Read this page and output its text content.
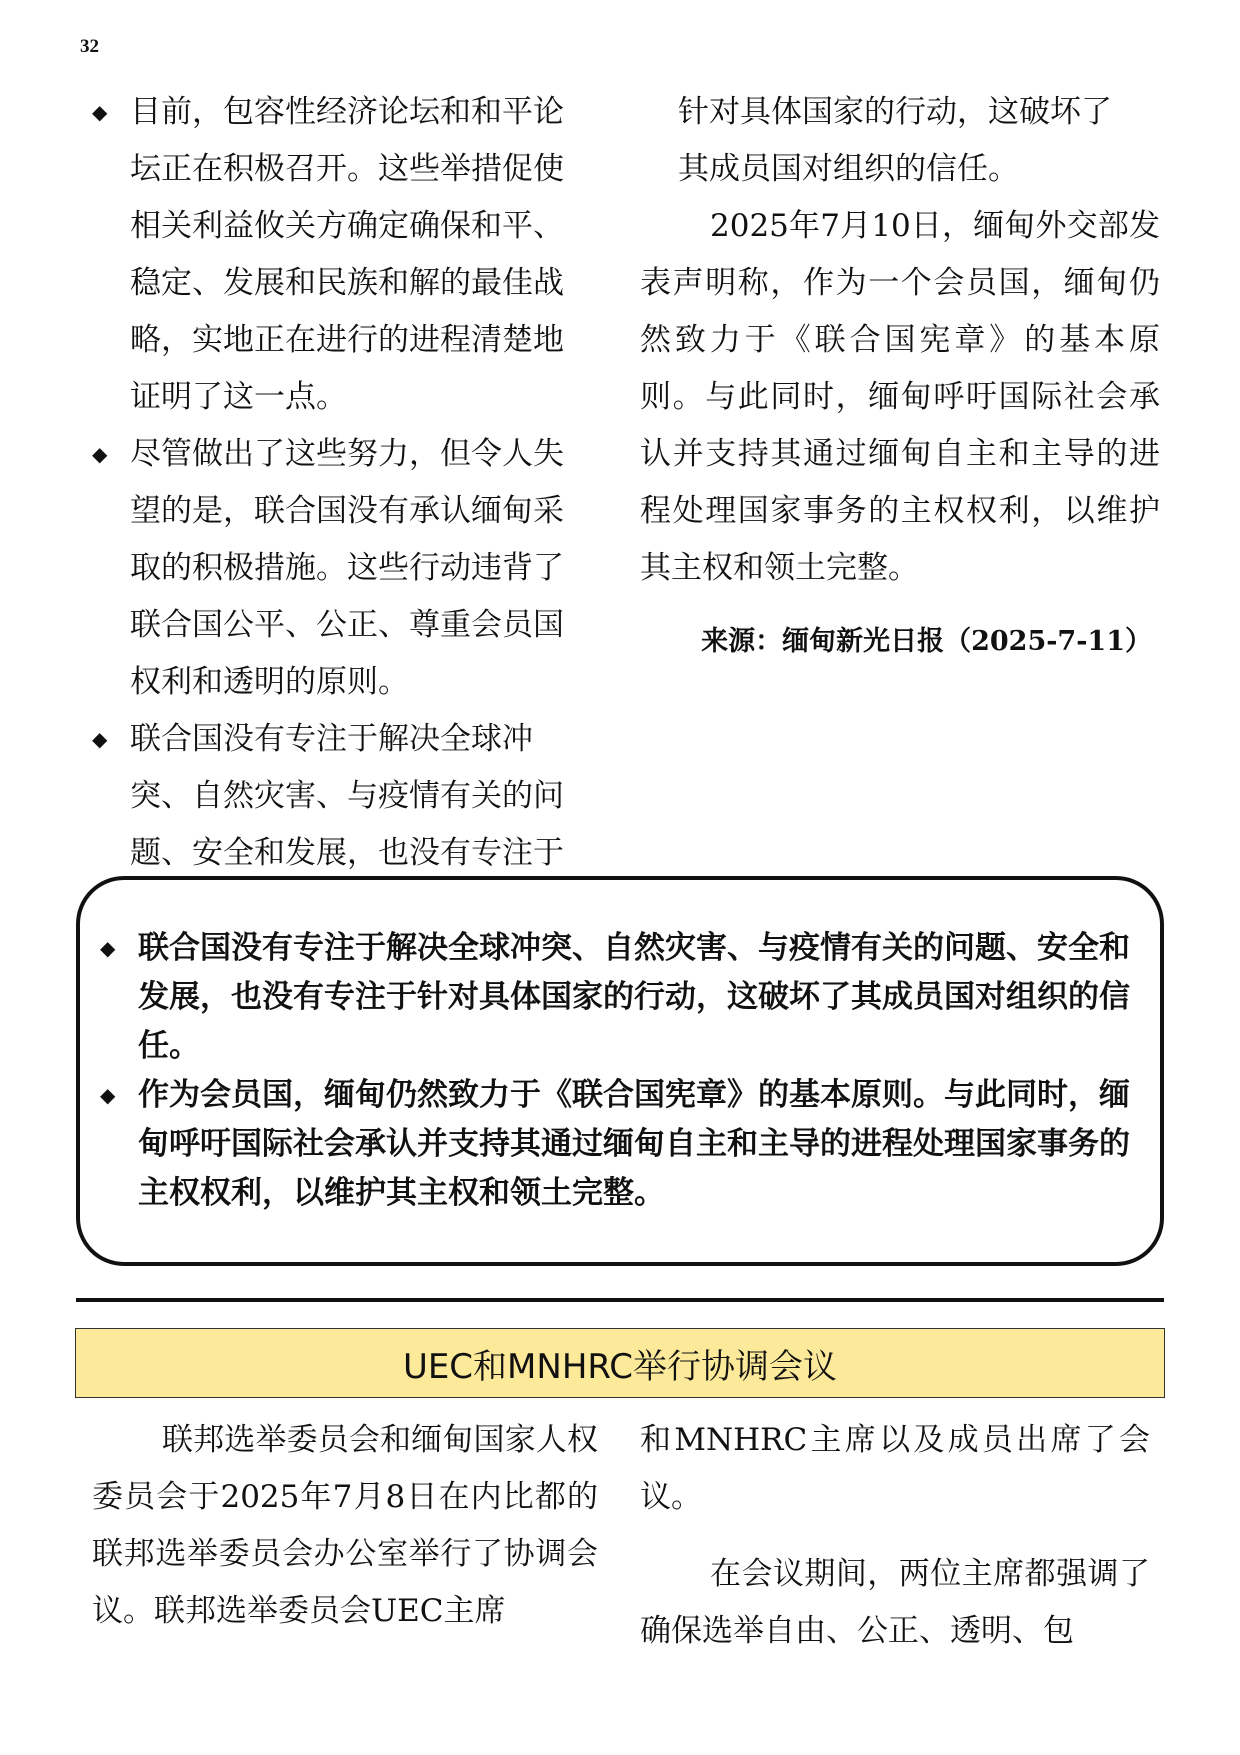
32
◆ 目前，包容性经济论坛和和平论

坛正在积极召开。这些举措促使

相关利益攸关方确定确保和平、

稳定、发展和民族和解的最佳战

略，实地正在进行的进程清楚地

证明了这一点。

◆ 尽管做出了这些努力，但令人失

望的是，联合国没有承认缅甸采

取的积极措施。这些行动违背了

联合国公平、公正、尊重会员国

权利和透明的原则。

◆ 联合国没有专注于解决全球冲

突、自然灾害、与疫情有关的问

题、安全和发展，也没有专注于

针对具体国家的行动，这破坏了

其成员国对组织的信任。

2025年7月10日，缅甸外交部发表声明称，作为一个会员国，缅甸仍然致力于《联合国宪章》的基本原则。与此同时，缅甸呼吁国际社会承认并支持其通过缅甸自主和主导的进程处理国家事务的主权权利，以维护其主权和领土完整。

来源：缅甸新光日报（2025-7-11）

◆ 联合国没有专注于解决全球冲突、自然灾害、与疫情有关的问题、安全和发展，也没有专注于针对具体国家的行动，这破坏了其成员国对组织的信任。

◆ 作为会员国，缅甸仍然致力于《联合国宪章》的基本原则。与此同时，缅甸呼吁国际社会承认并支持其通过缅甸自主和主导的进程处理国家事务的主权权利，以维护其主权和领土完整。

UEC和MNHRC举行协调会议

联邦选举委员会和缅甸国家人权委员会于2025年7月8日在内比都的联邦选举委员会办公室举行了协调会议。联邦选举委员会UEC主席

和MNHRC主席以及成员出席了会议。

在会议期间，两位主席都强调了确保选举自由、公正、透明、包
